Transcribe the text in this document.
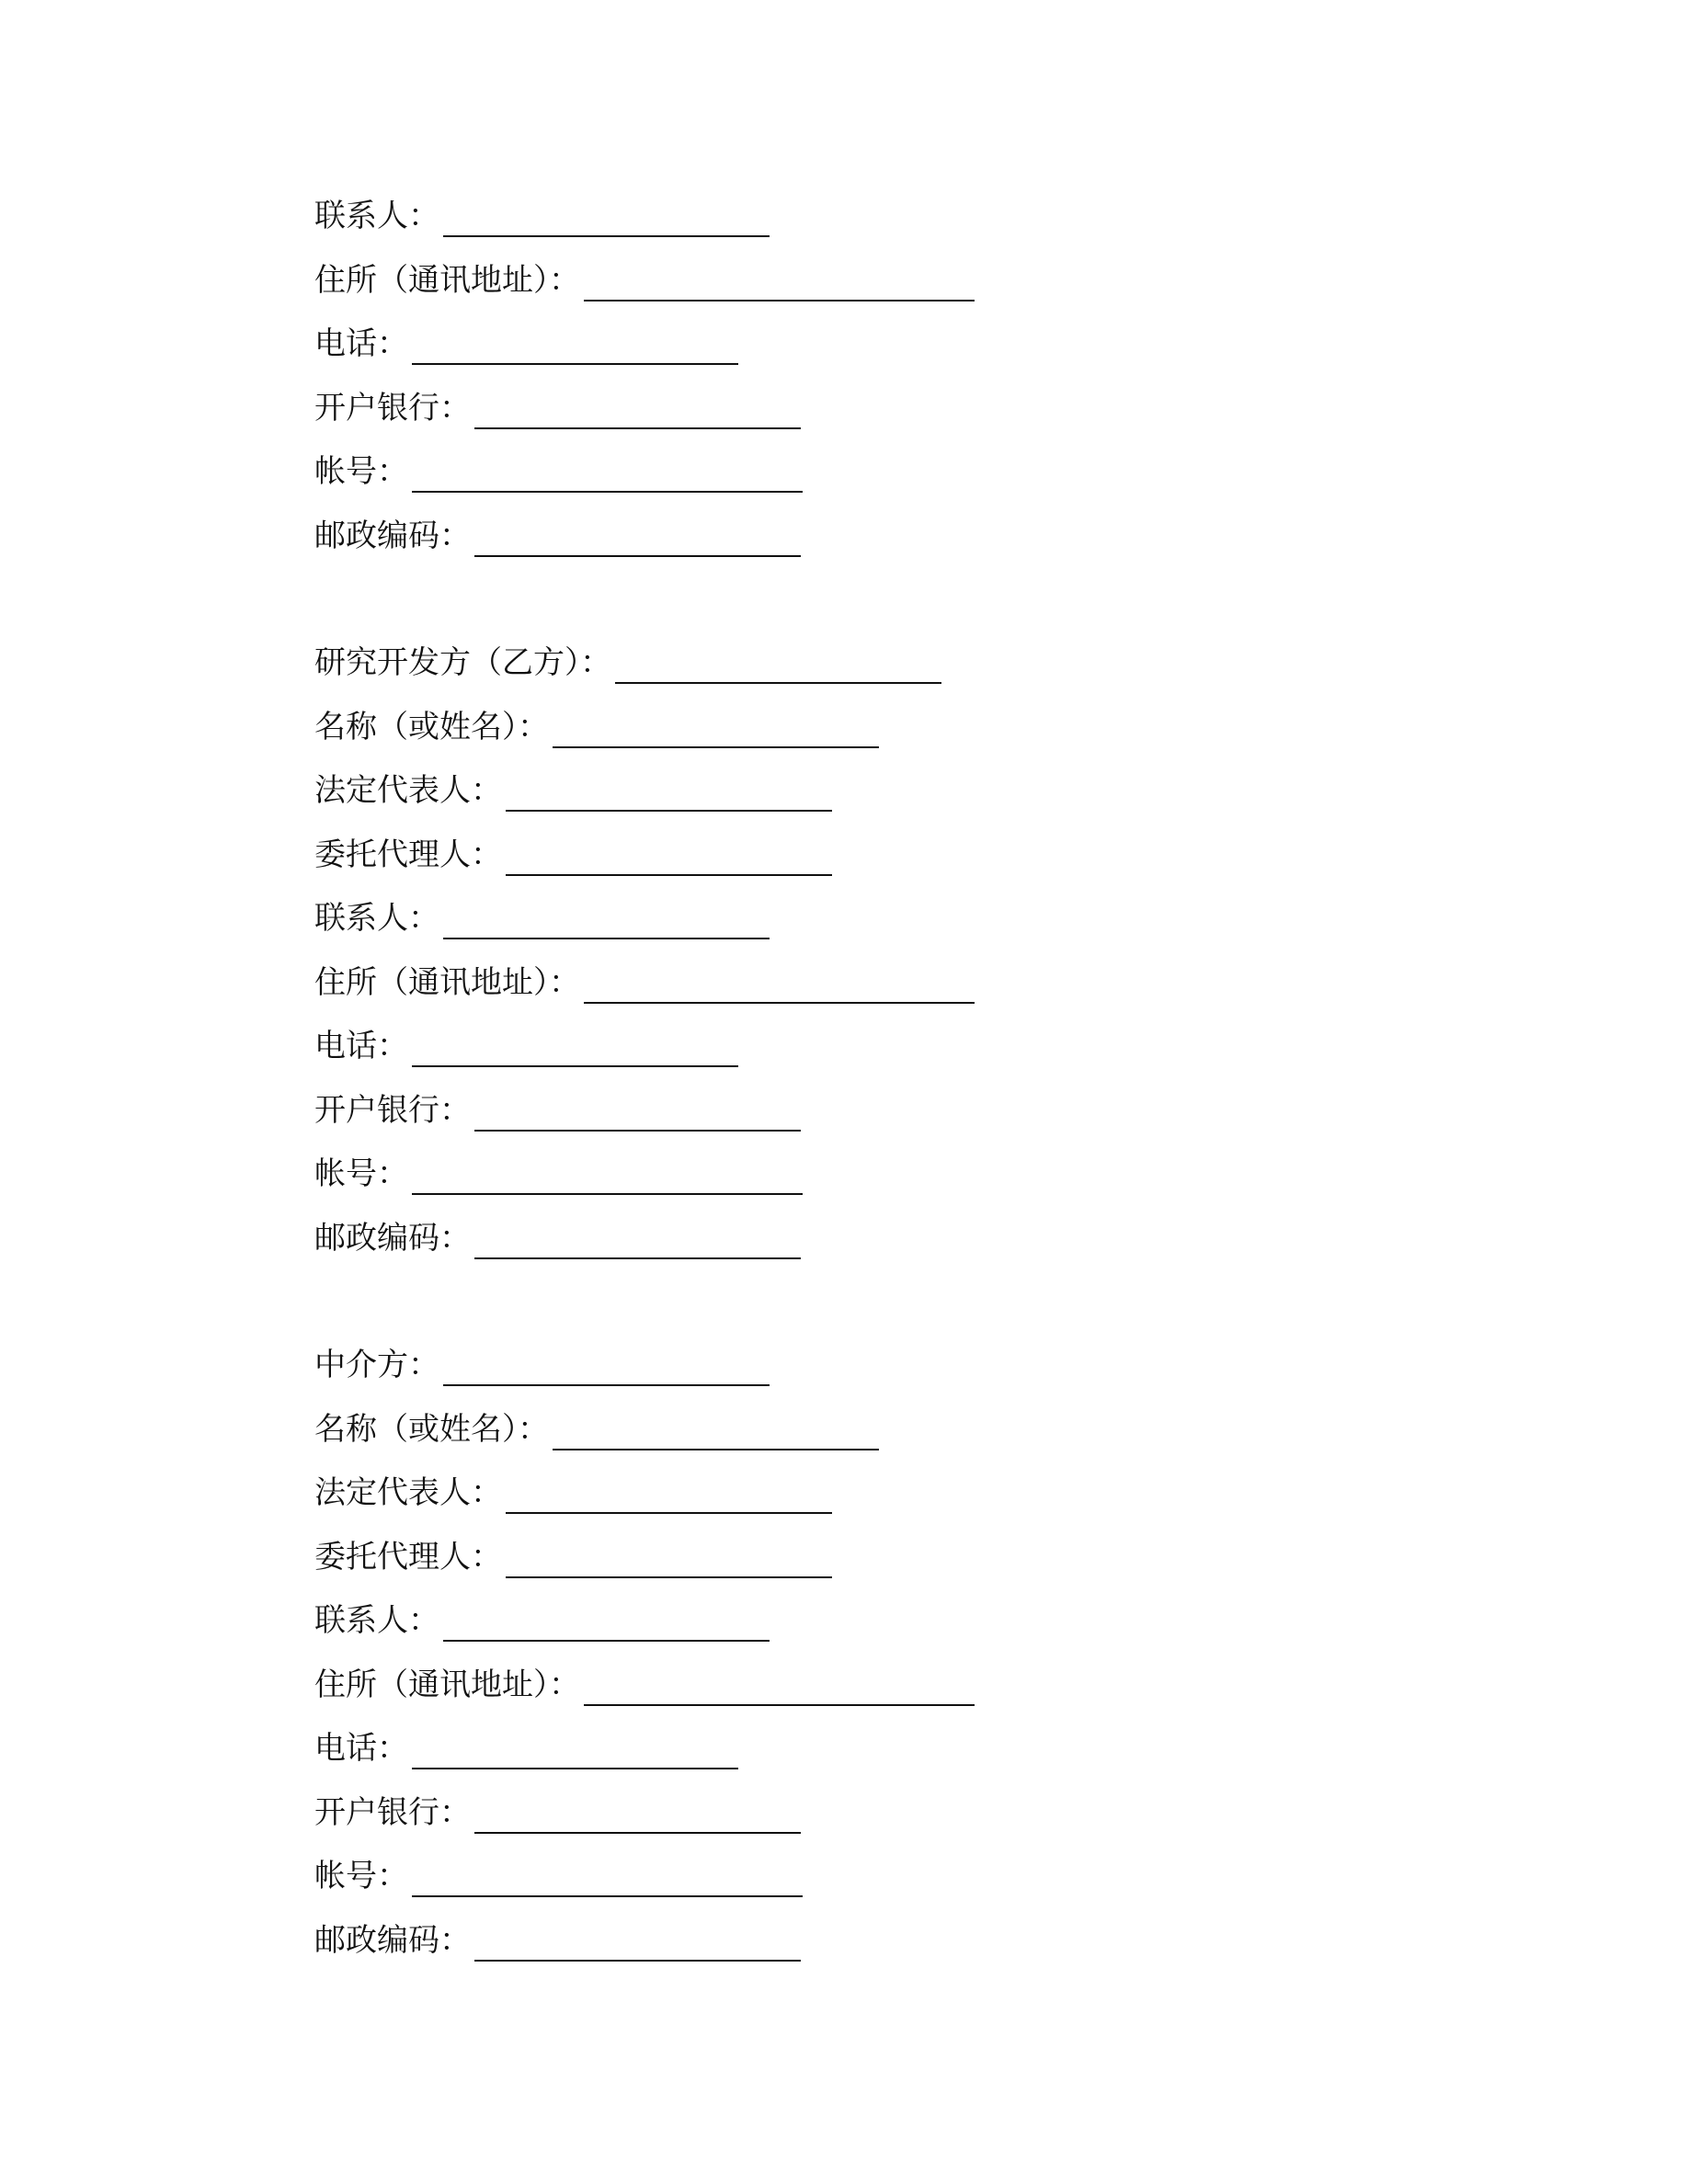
联系人：
住所（通讯地址）：
电话：
开户银行：
帐号：
邮政编码：
研究开发方（乙方）：
名称（或姓名）：
法定代表人：
委托代理人：
联系人：
住所（通讯地址）：
电话：
开户银行：
帐号：
邮政编码：
中介方：
名称（或姓名）：
法定代表人：
委托代理人：
联系人：
住所（通讯地址）：
电话：
开户银行：
帐号：
邮政编码：
